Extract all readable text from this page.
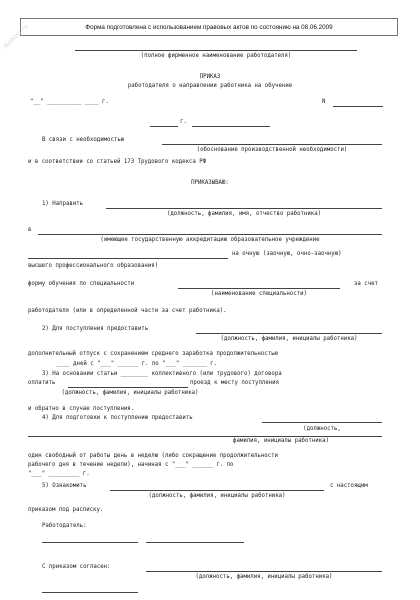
Форма подготовлена с использованием правовых актов по состоянию на 08.06.2009
NoNim.ru
(полное фирменное наименование работодателя)
ПРИКАЗ
работодателя о направлении работника на обучение
"__" __________ ____ г.	N
г.
В связи с необходимостью
(обоснование производственной необходимости)
и в соответствии со статьей 173 Трудового кодекса РФ
ПРИКАЗЫВАЮ:
1) Направить
(должность, фамилия, имя, отчество работника)
в
(имеющее государственную аккредитацию образовательное учреждение
на очную (заочную, очно-заочную)
высшего профессионального образования)
форму обучения по специальности	за счет
(наименование специальности)
работодателя (или в определенной части за счет работника).
2) Для поступления предоставить
(должность, фамилия, инициалы работника)
дополнительный отпуск с сохранением среднего заработка продолжительностью
____ дней с "___" ______ г. по "___" _______ г.
3) На основании статьи ________ коллективного (или трудового) договора
оплатить	проезд к месту поступления
(должность, фамилия, инициалы работника)
и обратно в случае поступления.
4) Для подготовки к поступлению предоставить
(должность,
фамилия, инициалы работника)
один свободный от работы день в неделю (либо сокращение продолжительности
рабочего дня в течение недели), начиная с "___" ______ г. по
"___" _________ г.
5) Ознакомить	с настоящим
(должность, фамилия, инициалы работника)
приказом под расписку.
Работодатель:
С приказом согласен:
(должность, фамилия, инициалы работника)
